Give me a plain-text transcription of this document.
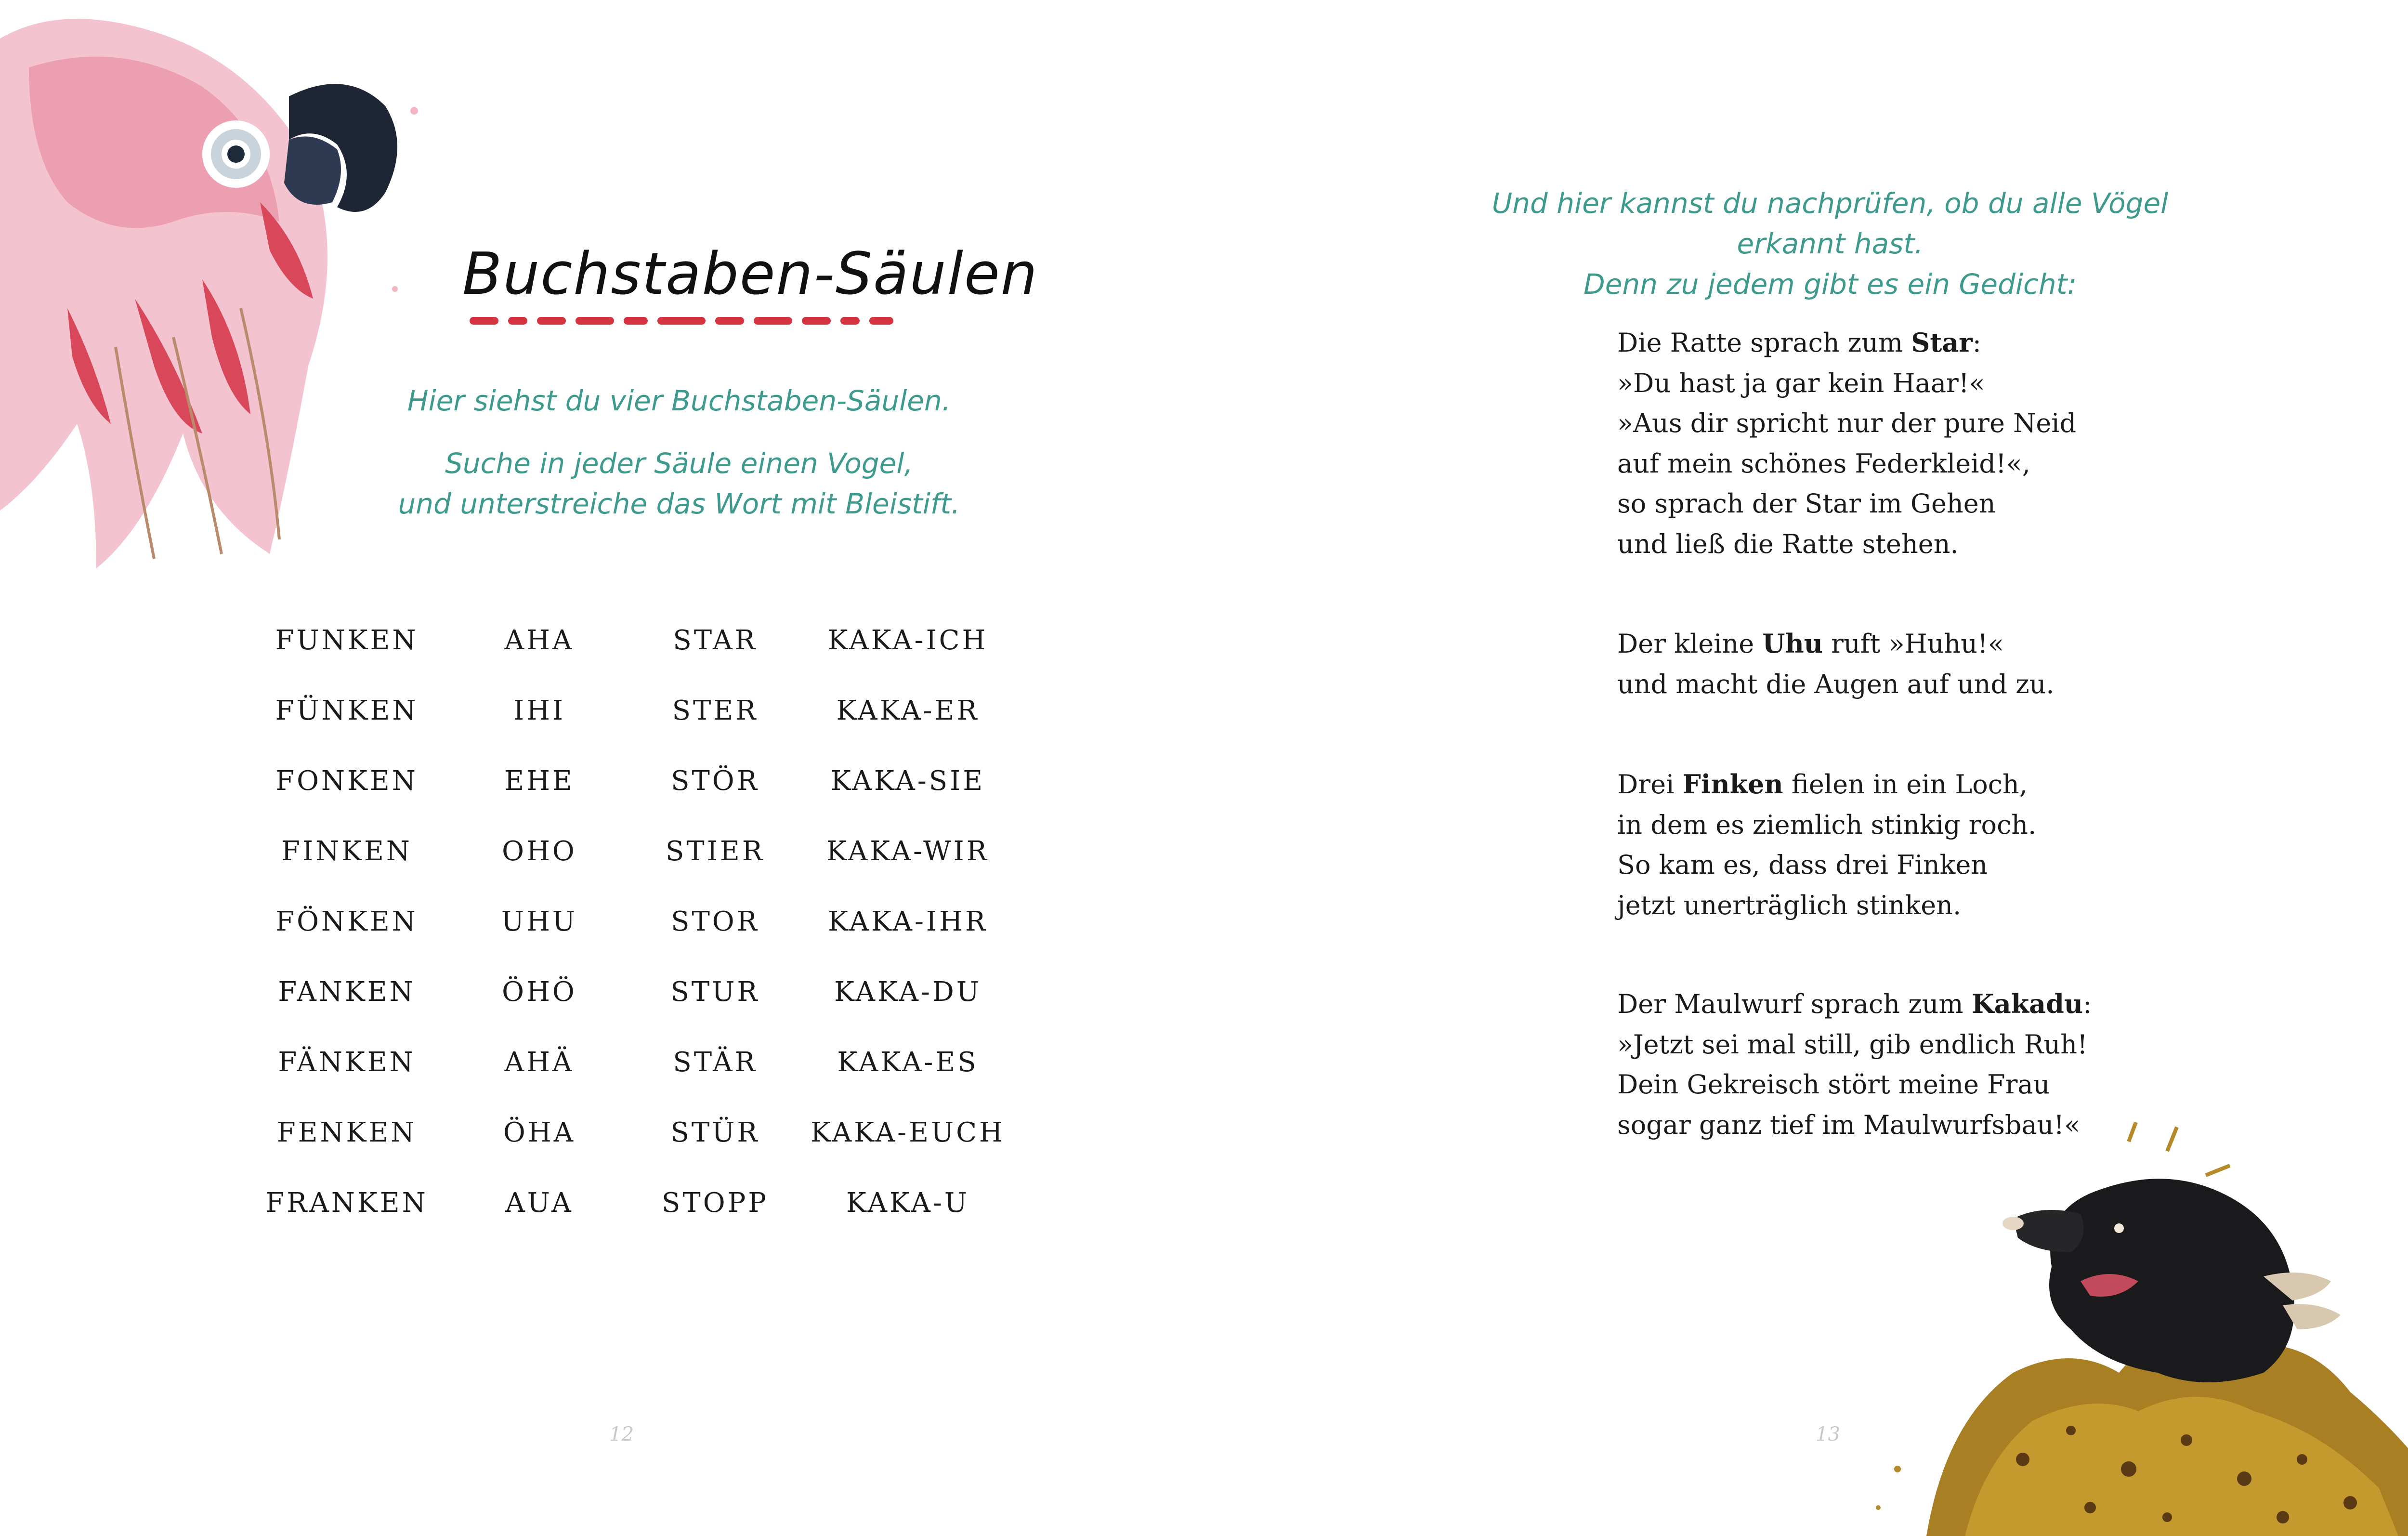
Buchstaben-Säulen
Hier siehst du vier Buchstaben-Säulen.
Suche in jeder Säule einen Vogel,
und unterstreiche das Wort mit Bleistift.
FUNKEN	AHA	STAR	KAKA-ICH
FÜNKEN	IHI	STER	KAKA-ER
FONKEN	EHE	STÖR	KAKA-SIE
FINKEN	OHO	STIER	KAKA-WIR
FÖNKEN	UHU	STOR	KAKA-IHR
FANKEN	ÖHÖ	STUR	KAKA-DU
FÄNKEN	AHÄ	STÄR	KAKA-ES
FENKEN	ÖHA	STÜR	KAKA-EUCH
FRANKEN	AUA	STOPP	KAKA-U
12
Und hier kannst du nachprüfen, ob du alle Vögel erkannt hast.
Denn zu jedem gibt es ein Gedicht:
Die Ratte sprach zum Star:
»Du hast ja gar kein Haar!«
»Aus dir spricht nur der pure Neid
auf mein schönes Federkleid!«,
so sprach der Star im Gehen
und ließ die Ratte stehen.
Der kleine Uhu ruft »Huhu!«
und macht die Augen auf und zu.
Drei Finken fielen in ein Loch,
in dem es ziemlich stinkig roch.
So kam es, dass drei Finken
jetzt unerträglich stinken.
Der Maulwurf sprach zum Kakadu:
»Jetzt sei mal still, gib endlich Ruh!
Dein Gekreisch stört meine Frau
sogar ganz tief im Maulwurfsbau!«
13
